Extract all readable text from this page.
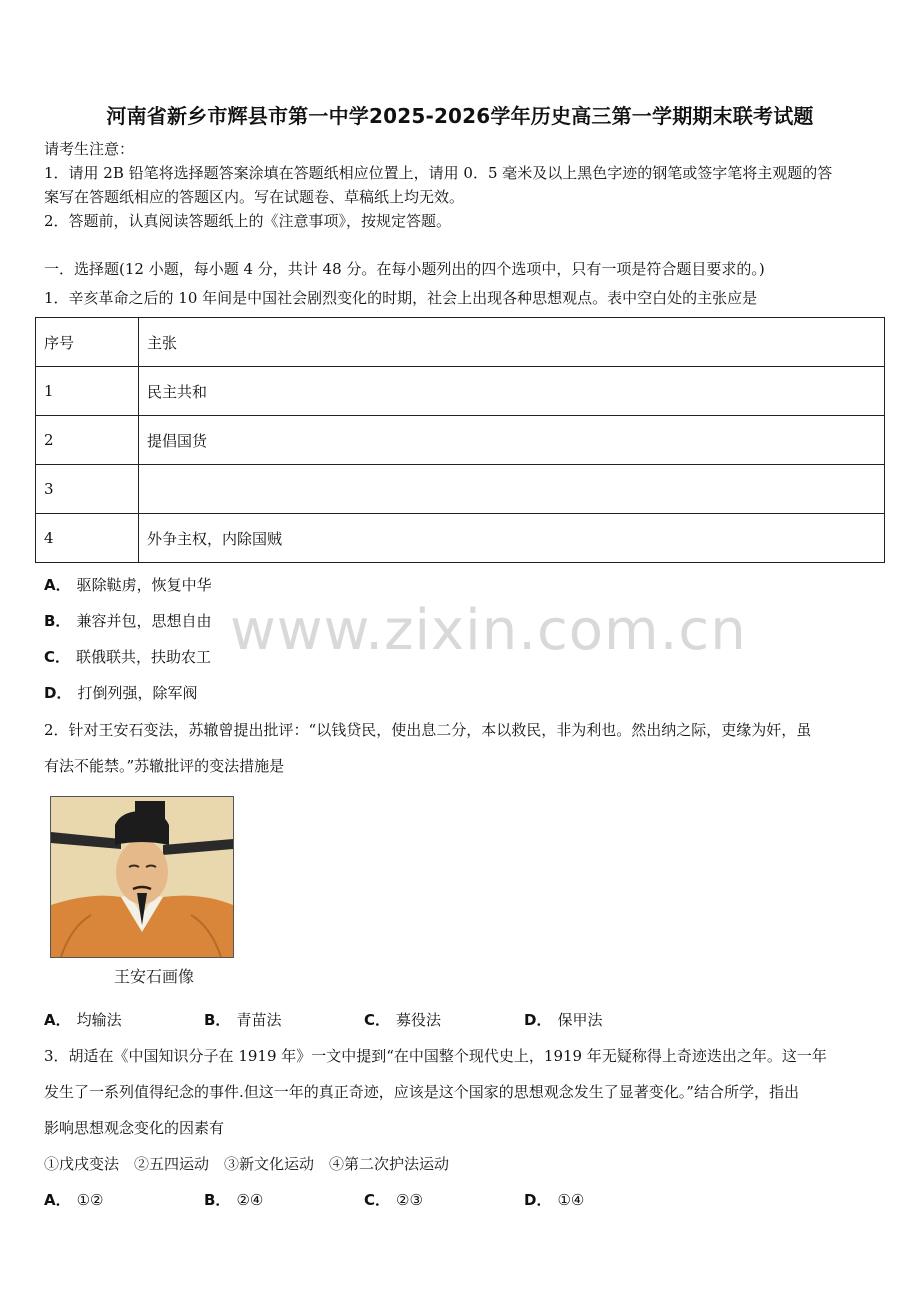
河南省新乡市辉县市第一中学2025-2026学年历史高三第一学期期末联考试题
请考生注意：
1．请用 2B 铅笔将选择题答案涂填在答题纸相应位置上，请用 0．5 毫米及以上黑色字迹的钢笔或签字笔将主观题的答
案写在答题纸相应的答题区内。写在试题卷、草稿纸上均无效。
2．答题前，认真阅读答题纸上的《注意事项》，按规定答题。
一．选择题(12 小题，每小题 4 分，共计 48 分。在每小题列出的四个选项中，只有一项是符合题目要求的。)
1．辛亥革命之后的 10 年间是中国社会剧烈变化的时期，社会上出现各种思想观点。表中空白处的主张应是
序号	主张
1	民主共和
2	提倡国货
3	
4	外争主权，内除国贼
A． 驱除鞑虏，恢复中华
B． 兼容并包，思想自由
C． 联俄联共，扶助农工
D． 打倒列强，除军阀
www.zixin.com.cn
2．针对王安石变法，苏辙曾提出批评：“以钱贷民，使出息二分，本以救民，非为利也。然出纳之际，吏缘为奸，虽
有法不能禁。”苏辙批评的变法措施是
王安石画像
A． 均输法	B． 青苗法	C． 募役法	D． 保甲法
3．胡适在《中国知识分子在 1919 年》一文中提到“在中国整个现代史上，1919 年无疑称得上奇迹迭出之年。这一年
发生了一系列值得纪念的事件.但这一年的真正奇迹，应该是这个国家的思想观念发生了显著变化。”结合所学，指出
影响思想观念变化的因素有
①戊戌变法　②五四运动　③新文化运动　④第二次护法运动
A． ①②	B． ②④	C． ②③	D． ①④
